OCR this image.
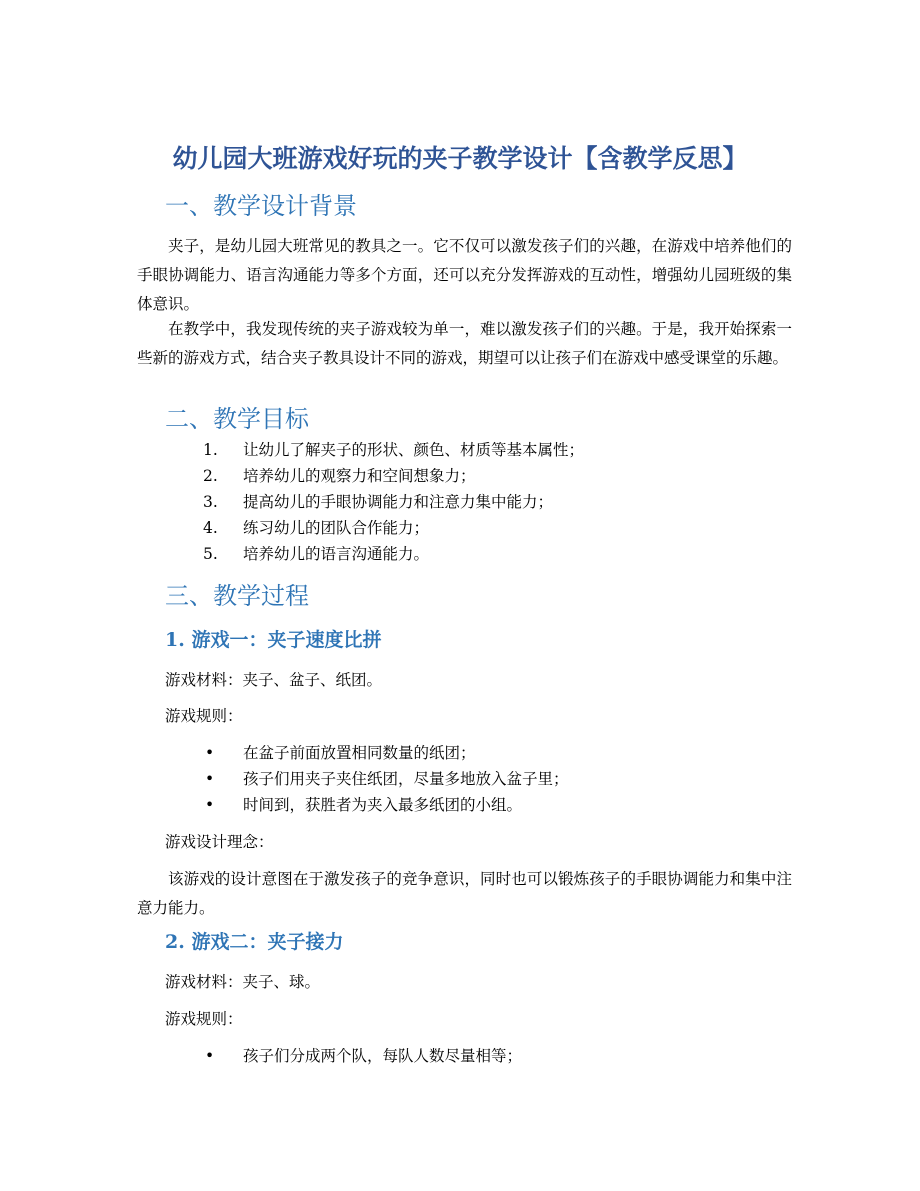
幼儿园大班游戏好玩的夹子教学设计【含教学反思】
一、教学设计背景
夹子，是幼儿园大班常见的教具之一。它不仅可以激发孩子们的兴趣，在游戏中培养他们的手眼协调能力、语言沟通能力等多个方面，还可以充分发挥游戏的互动性，增强幼儿园班级的集体意识。
在教学中，我发现传统的夹子游戏较为单一，难以激发孩子们的兴趣。于是，我开始探索一些新的游戏方式，结合夹子教具设计不同的游戏，期望可以让孩子们在游戏中感受课堂的乐趣。
二、教学目标
1. 让幼儿了解夹子的形状、颜色、材质等基本属性；
2. 培养幼儿的观察力和空间想象力；
3. 提高幼儿的手眼协调能力和注意力集中能力；
4. 练习幼儿的团队合作能力；
5. 培养幼儿的语言沟通能力。
三、教学过程
1. 游戏一：夹子速度比拼
游戏材料：夹子、盆子、纸团。
游戏规则：
• 在盆子前面放置相同数量的纸团；
• 孩子们用夹子夹住纸团，尽量多地放入盆子里；
• 时间到，获胜者为夹入最多纸团的小组。
游戏设计理念：
该游戏的设计意图在于激发孩子的竞争意识，同时也可以锻炼孩子的手眼协调能力和集中注意力能力。
2. 游戏二：夹子接力
游戏材料：夹子、球。
游戏规则：
• 孩子们分成两个队，每队人数尽量相等；
